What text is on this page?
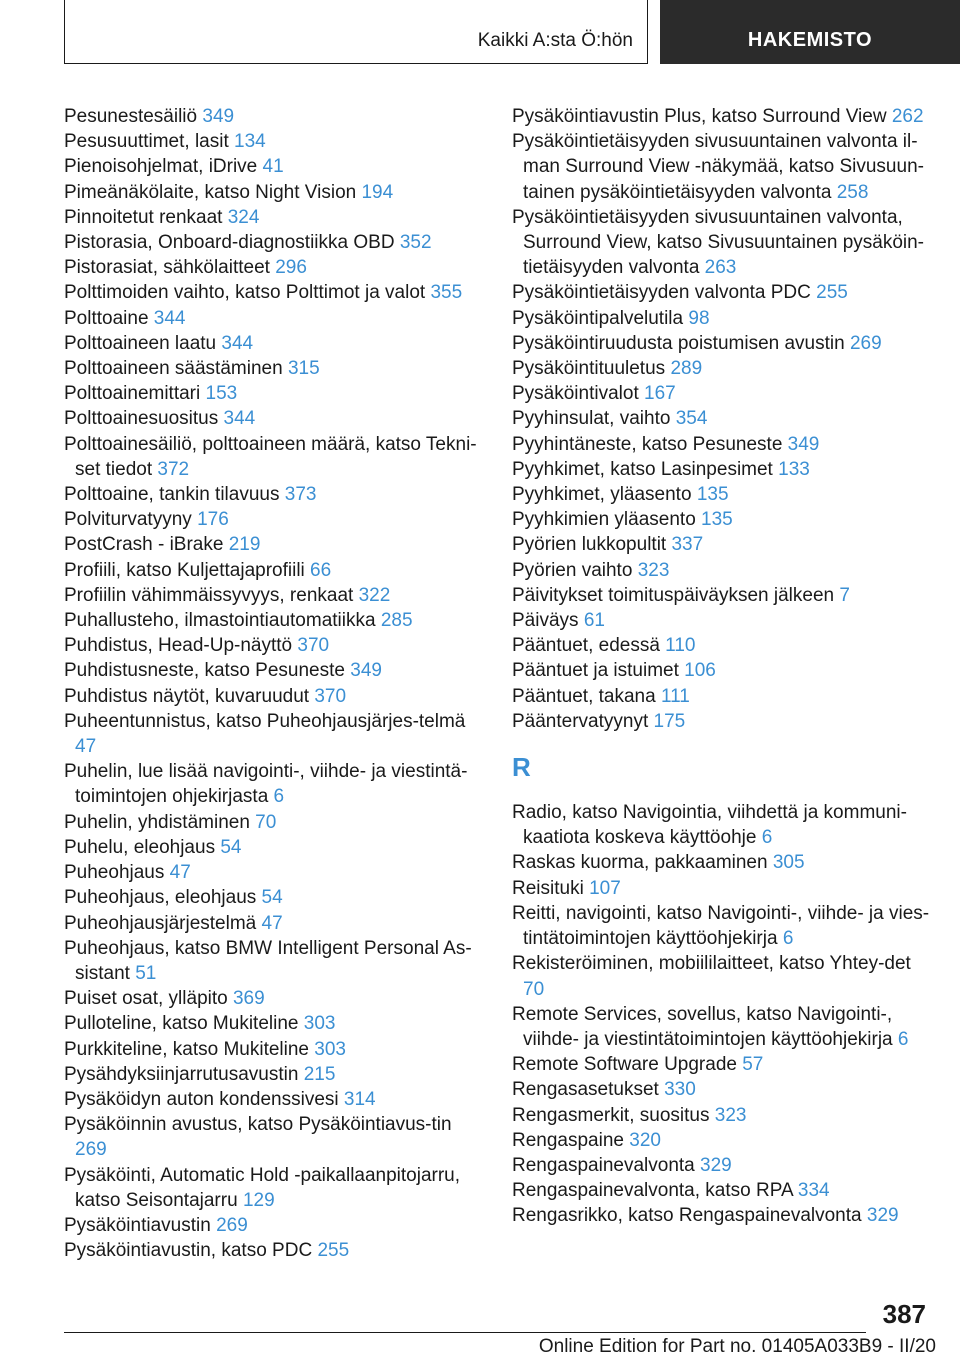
Kaikki A:sta Ö:hön	HAKEMISTO
Pesunestesäiliö 349
Pesusuuttimet, lasit 134
Pienoisohjelmat, iDrive 41
Pimeänäkölaite, katso Night Vision 194
Pinnoitetut renkaat 324
Pistorasia, Onboard-diagnostiikka OBD 352
Pistorasiat, sähkölaitteet 296
Polttimoiden vaihto, katso Polttimot ja valot 355
Polttoaine 344
Polttoaineen laatu 344
Polttoaineen säästäminen 315
Polttoainemittari 153
Polttoainesuositus 344
Polttoainesäiliö, polttoaineen määrä, katso Tekni‐set tiedot 372
Polttoaine, tankin tilavuus 373
Polviturvatyyny 176
PostCrash - iBrake 219
Profiili, katso Kuljettajaprofiili 66
Profiilin vähimmäissyvyys, renkaat 322
Puhallusteho, ilmastointiautomatiikka 285
Puhdistus, Head-Up-näyttö 370
Puhdistusneste, katso Pesuneste 349
Puhdistus näytöt, kuvaruudut 370
Puheentunnistus, katso Puheohjausjärjes‐telmä 47
Puhelin, lue lisää navigointi-, viihde- ja viestintä‐toimintojen ohjekirjasta 6
Puhelin, yhdistäminen 70
Puhelu, eleohjaus 54
Puheohjaus 47
Puheohjaus, eleohjaus 54
Puheohjausjärjestelmä 47
Puheohjaus, katso BMW Intelligent Personal As‐sistant 51
Puiset osat, ylläpito 369
Pulloteline, katso Mukiteline 303
Purkkiteline, katso Mukiteline 303
Pysähdyksiinjarrutusavustin 215
Pysäköidyn auton kondenssivesi 314
Pysäköinnin avustus, katso Pysäköintiavus‐tin 269
Pysäköinti, Automatic Hold -paikallaanpitojarru, katso Seisontajarru 129
Pysäköintiavustin 269
Pysäköintiavustin, katso PDC 255
Pysäköintiavustin Plus, katso Surround View 262
Pysäköintietäisyyden sivusuuntainen valvonta il‐man Surround View -näkymää, katso Sivusuun‐tainen pysäköintietäisyyden valvonta 258
Pysäköintietäisyyden sivusuuntainen valvonta, Surround View, katso Sivusuuntainen pysäköin‐tietäisyyden valvonta 263
Pysäköintietäisyyden valvonta PDC 255
Pysäköintipalvelutila 98
Pysäköintiruudusta poistumisen avustin 269
Pysäköintituuletus 289
Pysäköintivalot 167
Pyyhinsulat, vaihto 354
Pyyhintäneste, katso Pesuneste 349
Pyyhkimet, katso Lasinpesimet 133
Pyyhkimet, yläasento 135
Pyyhkimien yläasento 135
Pyörien lukkopultit 337
Pyörien vaihto 323
Päivitykset toimituspäiväyksen jälkeen 7
Päiväys 61
Pääntuet, edessä 110
Pääntuet ja istuimet 106
Pääntuet, takana 111
Pääntervatyynyt 175
R
Radio, katso Navigointia, viihdettä ja kommuni‐kaatiota koskeva käyttöohje 6
Raskas kuorma, pakkaaminen 305
Reisituki 107
Reitti, navigointi, katso Navigointi-, viihde- ja vies‐tintätoimintojen käyttöohjekirja 6
Rekisteröiminen, mobiililaitteet, katso Yhtey‐det 70
Remote Services, sovellus, katso Navigointi-, viihde- ja viestintätoimintojen käyttöohjekirja 6
Remote Software Upgrade 57
Rengasasetukset 330
Rengasmerkit, suositus 323
Rengaspaine 320
Rengaspainevalvonta 329
Rengaspainevalvonta, katso RPA 334
Rengasrikko, katso Rengaspainevalvonta 329
387
Online Edition for Part no. 01405A033B9 - II/20
